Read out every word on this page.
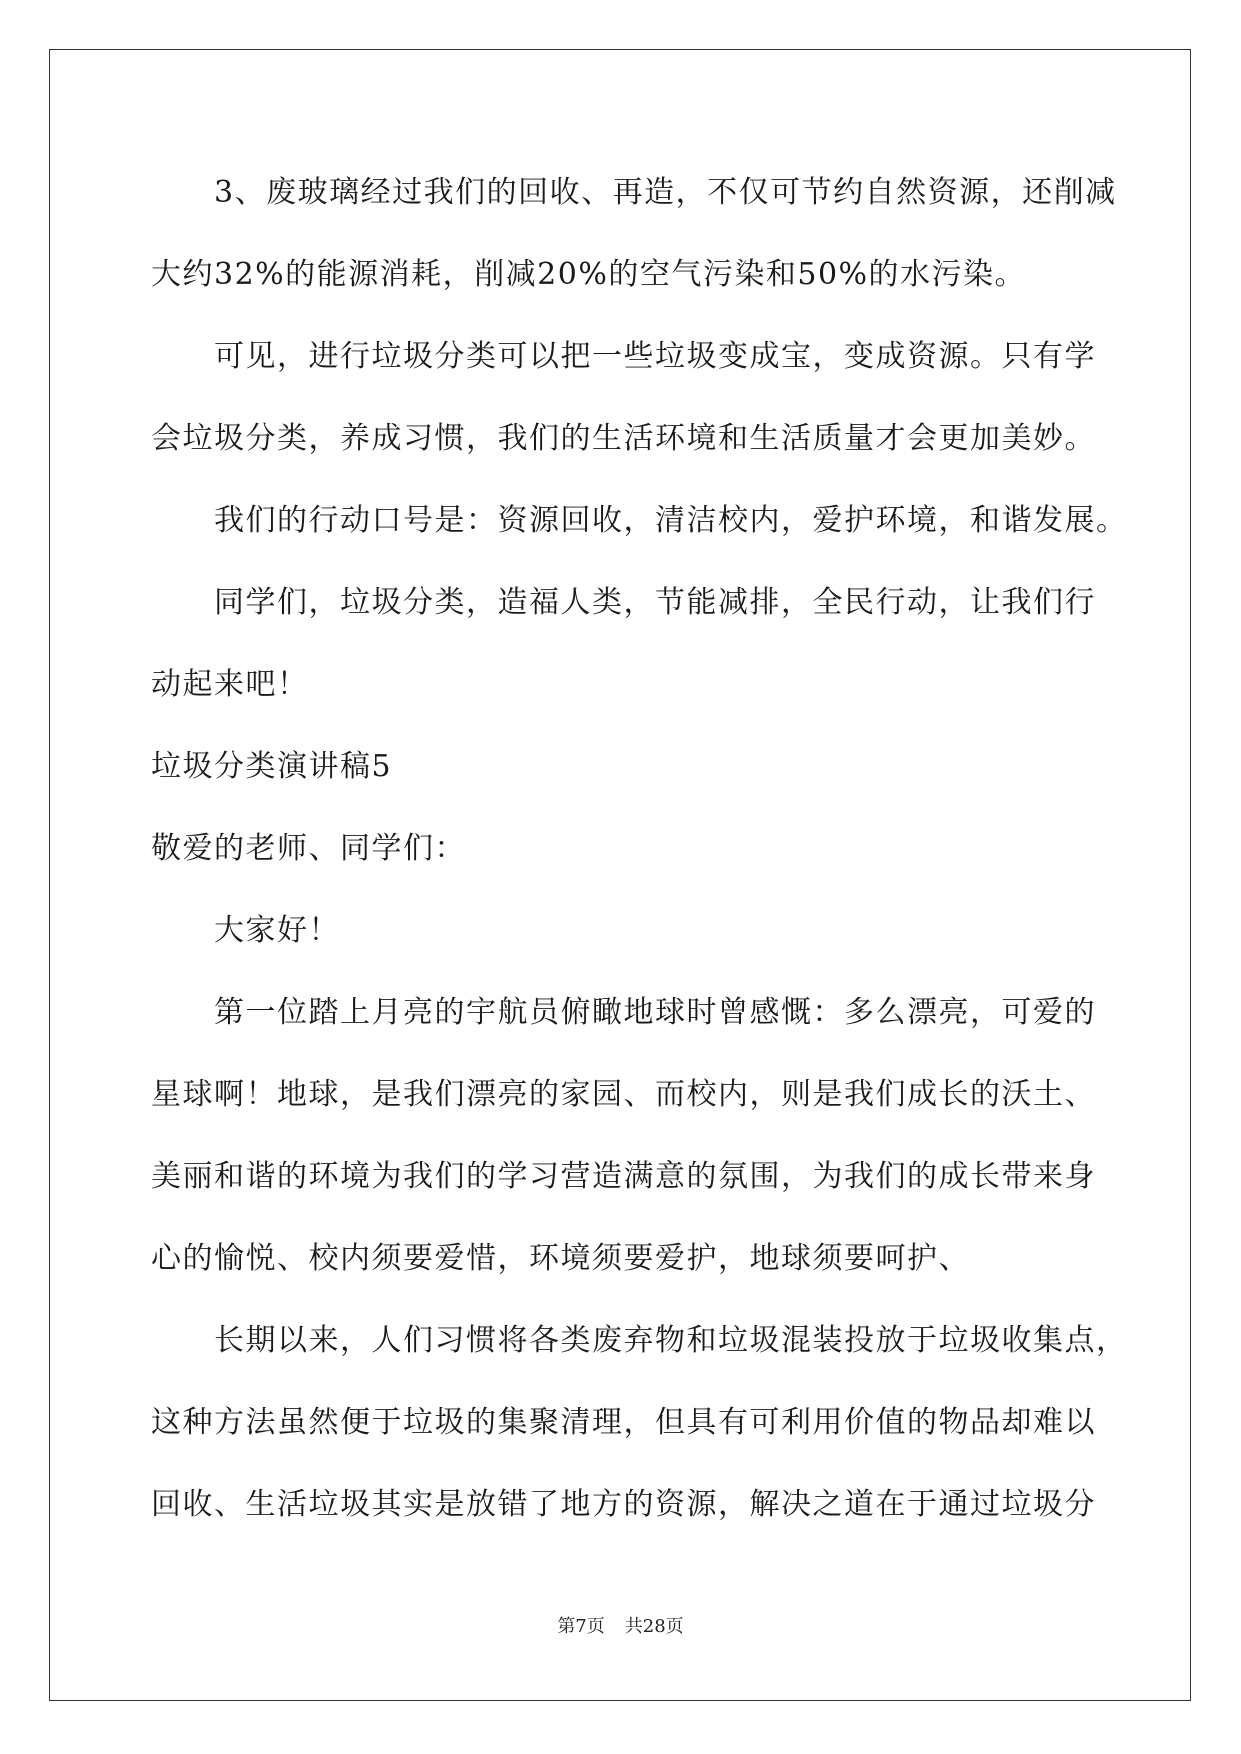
3、废玻璃经过我们的回收、再造，不仅可节约自然资源，还削减
大约32%的能源消耗，削减20%的空气污染和50%的水污染。
可见，进行垃圾分类可以把一些垃圾变成宝，变成资源。只有学
会垃圾分类，养成习惯，我们的生活环境和生活质量才会更加美妙。
我们的行动口号是：资源回收，清洁校内，爱护环境，和谐发展。
同学们，垃圾分类，造福人类，节能减排，全民行动，让我们行
动起来吧！
垃圾分类演讲稿5
敬爱的老师、同学们：
大家好！
第一位踏上月亮的宇航员俯瞰地球时曾感慨：多么漂亮，可爱的
星球啊！地球，是我们漂亮的家园、而校内，则是我们成长的沃土、
美丽和谐的环境为我们的学习营造满意的氛围，为我们的成长带来身
心的愉悦、校内须要爱惜，环境须要爱护，地球须要呵护、
长期以来，人们习惯将各类废弃物和垃圾混装投放于垃圾收集点，
这种方法虽然便于垃圾的集聚清理，但具有可利用价值的物品却难以
回收、生活垃圾其实是放错了地方的资源，解决之道在于通过垃圾分
第7页 共28页
